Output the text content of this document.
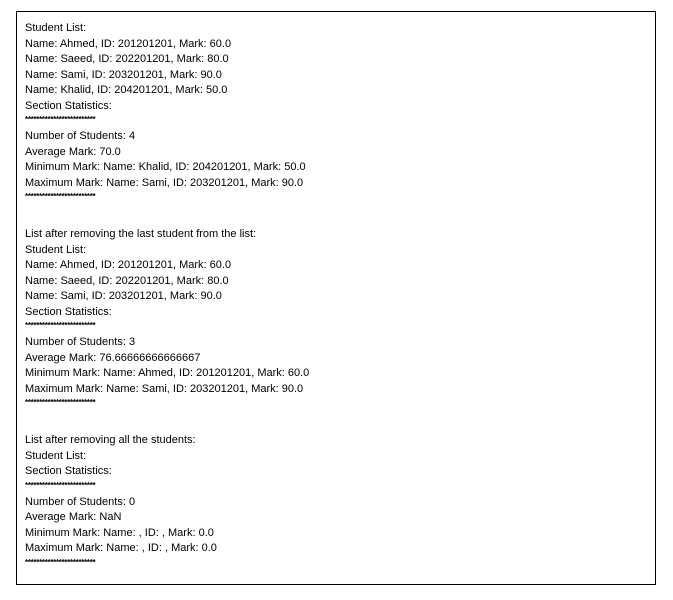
Student List:
Name: Ahmed, ID: 201201201, Mark: 60.0
Name: Saeed, ID: 202201201, Mark: 80.0
Name: Sami, ID: 203201201, Mark: 90.0
Name: Khalid, ID: 204201201, Mark: 50.0
Section Statistics:
*************************
Number of Students: 4
Average Mark: 70.0
Minimum Mark: Name: Khalid, ID: 204201201, Mark: 50.0
Maximum Mark: Name: Sami, ID: 203201201, Mark: 90.0
*************************
List after removing the last student from the list:
Student List:
Name: Ahmed, ID: 201201201, Mark: 60.0
Name: Saeed, ID: 202201201, Mark: 80.0
Name: Sami, ID: 203201201, Mark: 90.0
Section Statistics:
*************************
Number of Students: 3
Average Mark: 76.66666666666667
Minimum Mark: Name: Ahmed, ID: 201201201, Mark: 60.0
Maximum Mark: Name: Sami, ID: 203201201, Mark: 90.0
*************************
List after removing all the students:
Student List:
Section Statistics:
*************************
Number of Students: 0
Average Mark: NaN
Minimum Mark: Name: , ID: , Mark: 0.0
Maximum Mark: Name: , ID: , Mark: 0.0
*************************
